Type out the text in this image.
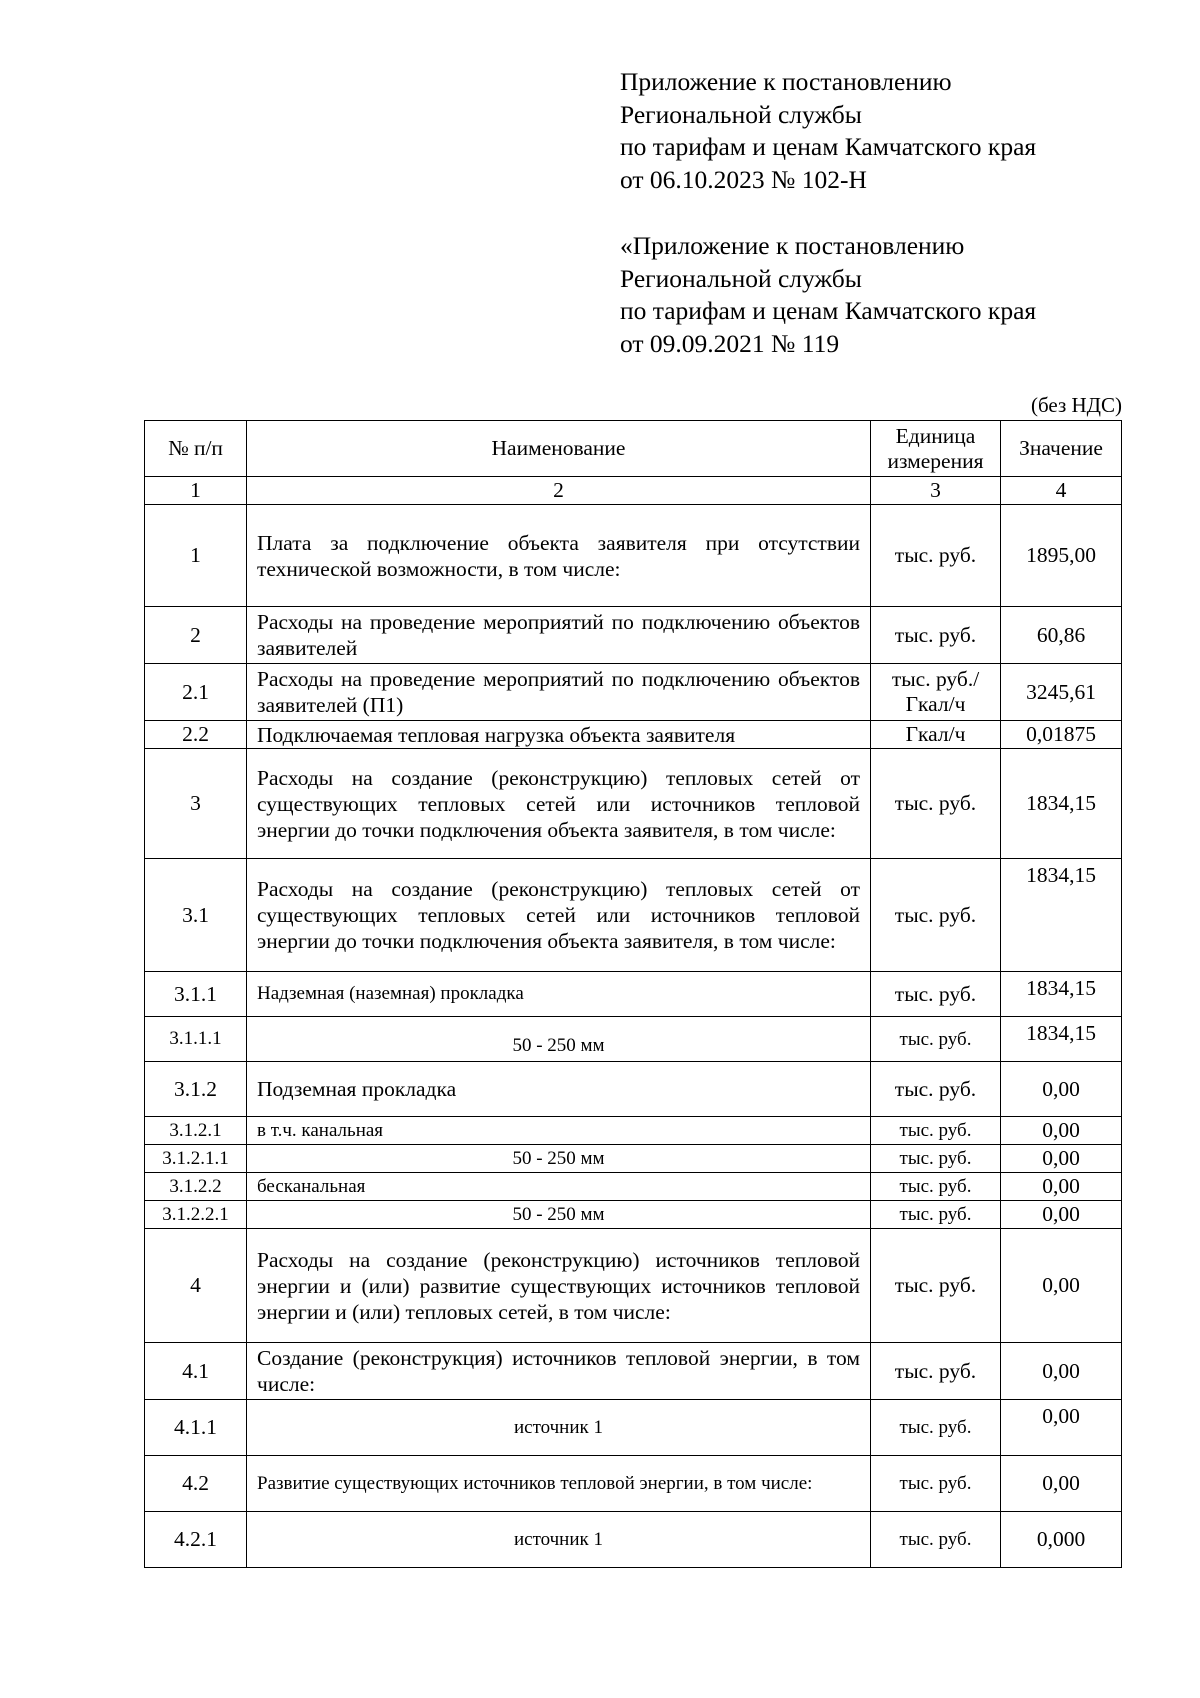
Приложение к постановлению
Региональной службы
по тарифам и ценам Камчатского края
от 06.10.2023 № 102-Н
«Приложение к постановлению
Региональной службы
по тарифам и ценам Камчатского края
от 09.09.2021 № 119
(без НДС)
№ п/п	Наименование	Единица измерения	Значение
1	2	3	4
1	Плата за подключение объекта заявителя при отсутствии технической возможности, в том числе:	тыс. руб.	1895,00
2	Расходы на проведение мероприятий по подключению объектов заявителей	тыс. руб.	60,86
2.1	Расходы на проведение мероприятий по подключению объектов заявителей (П1)	тыс. руб./ Гкал/ч	3245,61
2.2	Подключаемая тепловая нагрузка объекта заявителя	Гкал/ч	0,01875
3	Расходы на создание (реконструкцию) тепловых сетей от существующих тепловых сетей или источников тепловой энергии до точки подключения объекта заявителя, в том числе:	тыс. руб.	1834,15
3.1	Расходы на создание (реконструкцию) тепловых сетей от существующих тепловых сетей или источников тепловой энергии до точки подключения объекта заявителя, в том числе:	тыс. руб.	1834,15
3.1.1	Надземная (наземная) прокладка	тыс. руб.	1834,15
3.1.1.1	50 - 250 мм	тыс. руб.	1834,15
3.1.2	Подземная прокладка	тыс. руб.	0,00
3.1.2.1	в т.ч. канальная	тыс. руб.	0,00
3.1.2.1.1	50 - 250 мм	тыс. руб.	0,00
3.1.2.2	бесканальная	тыс. руб.	0,00
3.1.2.2.1	50 - 250 мм	тыс. руб.	0,00
4	Расходы на создание (реконструкцию) источников тепловой энергии и (или) развитие существующих источников тепловой энергии и (или) тепловых сетей, в том числе:	тыс. руб.	0,00
4.1	Создание (реконструкция) источников тепловой энергии, в том числе:	тыс. руб.	0,00
4.1.1	источник 1	тыс. руб.	0,00
4.2	Развитие существующих источников тепловой энергии, в том числе:	тыс. руб.	0,00
4.2.1	источник 1	тыс. руб.	0,000
